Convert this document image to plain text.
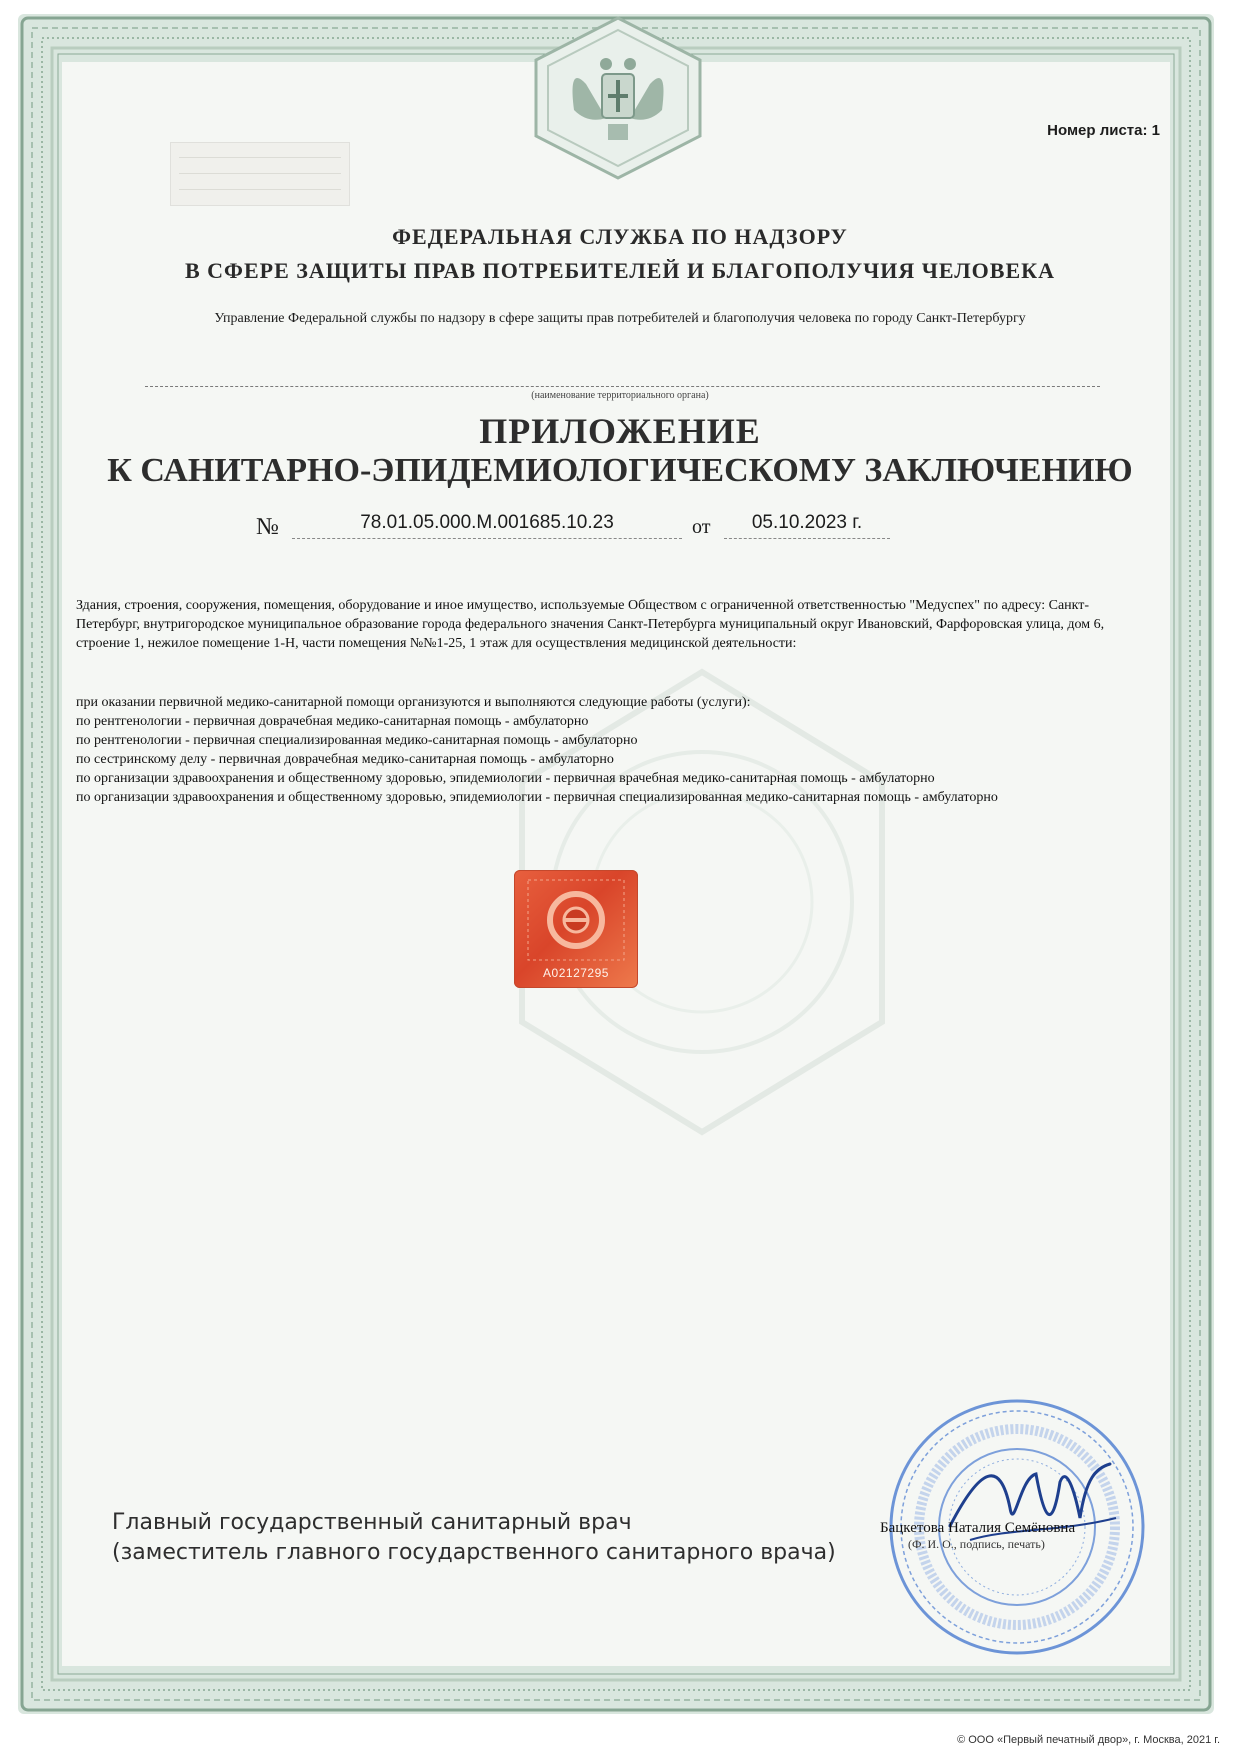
Номер листа: 1
ФЕДЕРАЛЬНАЯ СЛУЖБА ПО НАДЗОРУ
В СФЕРЕ ЗАЩИТЫ ПРАВ ПОТРЕБИТЕЛЕЙ И БЛАГОПОЛУЧИЯ ЧЕЛОВЕКА
Управление Федеральной службы по надзору в сфере защиты прав потребителей и благополучия человека по городу Санкт-Петербургу
(наименование территориального органа)
ПРИЛОЖЕНИЕ
К САНИТАРНО-ЭПИДЕМИОЛОГИЧЕСКОМУ ЗАКЛЮЧЕНИЮ
№	78.01.05.000.М.001685.10.23	от	05.10.2023 г.
Здания, строения, сооружения, помещения, оборудование и иное имущество, используемые Обществом с ограниченной ответственностью "Медуспех" по адресу: Санкт-Петербург, внутригородское муниципальное образование города федерального значения Санкт-Петербурга муниципальный округ Ивановский, Фарфоровская улица, дом 6, строение 1, нежилое помещение 1-Н, части помещения №№1-25, 1 этаж для осуществления медицинской деятельности:
при оказании первичной медико-санитарной помощи организуются и выполняются следующие работы (услуги):
по рентгенологии - первичная доврачебная медико-санитарная помощь - амбулаторно
по рентгенологии - первичная специализированная медико-санитарная помощь - амбулаторно
по сестринскому делу - первичная доврачебная медико-санитарная помощь - амбулаторно
по организации здравоохранения и общественному здоровью, эпидемиологии - первичная врачебная медико-санитарная помощь - амбулаторно
по организации здравоохранения и общественному здоровью, эпидемиологии - первичная специализированная медико-санитарная помощь - амбулаторно
А02127295
Главный государственный санитарный врач
(заместитель главного государственного санитарного врача)
Бацкетова Наталия Семёновна
(Ф. И. О., подпись, печать)
© ООО «Первый печатный двор», г. Москва, 2021 г.
